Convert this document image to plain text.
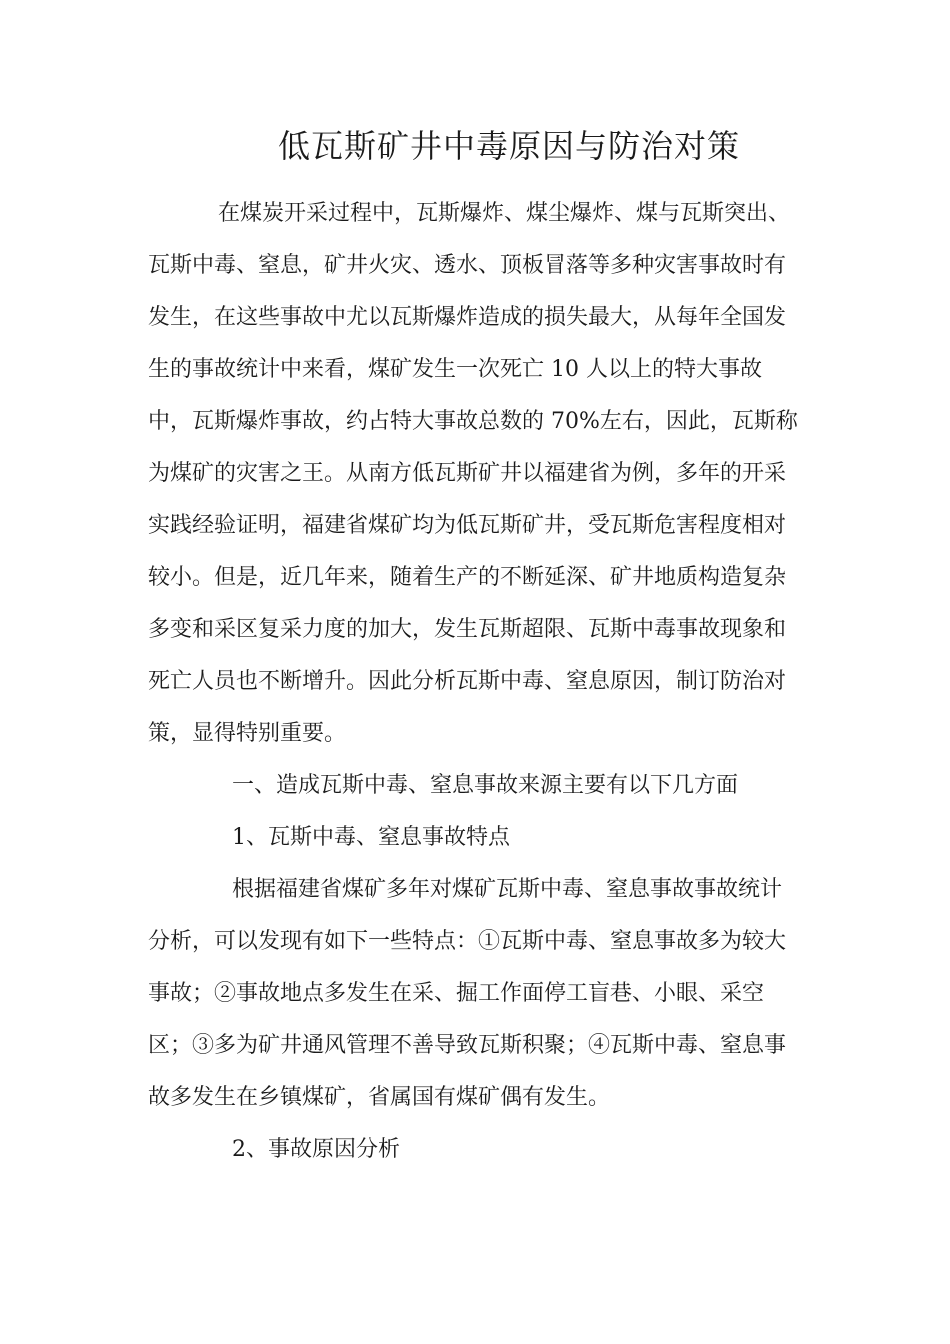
低瓦斯矿井中毒原因与防治对策
在煤炭开采过程中，瓦斯爆炸、煤尘爆炸、煤与瓦斯突出、
瓦斯中毒、窒息，矿井火灾、透水、顶板冒落等多种灾害事故时有
发生，在这些事故中尤以瓦斯爆炸造成的损失最大，从每年全国发
生的事故统计中来看，煤矿发生一次死亡 10 人以上的特大事故
中，瓦斯爆炸事故，约占特大事故总数的 70%左右，因此，瓦斯称
为煤矿的灾害之王。从南方低瓦斯矿井以福建省为例，多年的开采
实践经验证明，福建省煤矿均为低瓦斯矿井，受瓦斯危害程度相对
较小。但是，近几年来，随着生产的不断延深、矿井地质构造复杂
多变和采区复采力度的加大，发生瓦斯超限、瓦斯中毒事故现象和
死亡人员也不断增升。因此分析瓦斯中毒、窒息原因，制订防治对
策，显得特别重要。
一、造成瓦斯中毒、窒息事故来源主要有以下几方面
1、瓦斯中毒、窒息事故特点
根据福建省煤矿多年对煤矿瓦斯中毒、窒息事故事故统计
分析，可以发现有如下一些特点：①瓦斯中毒、窒息事故多为较大
事故；②事故地点多发生在采、掘工作面停工盲巷、小眼、采空
区；③多为矿井通风管理不善导致瓦斯积聚；④瓦斯中毒、窒息事
故多发生在乡镇煤矿，省属国有煤矿偶有发生。
2、事故原因分析
